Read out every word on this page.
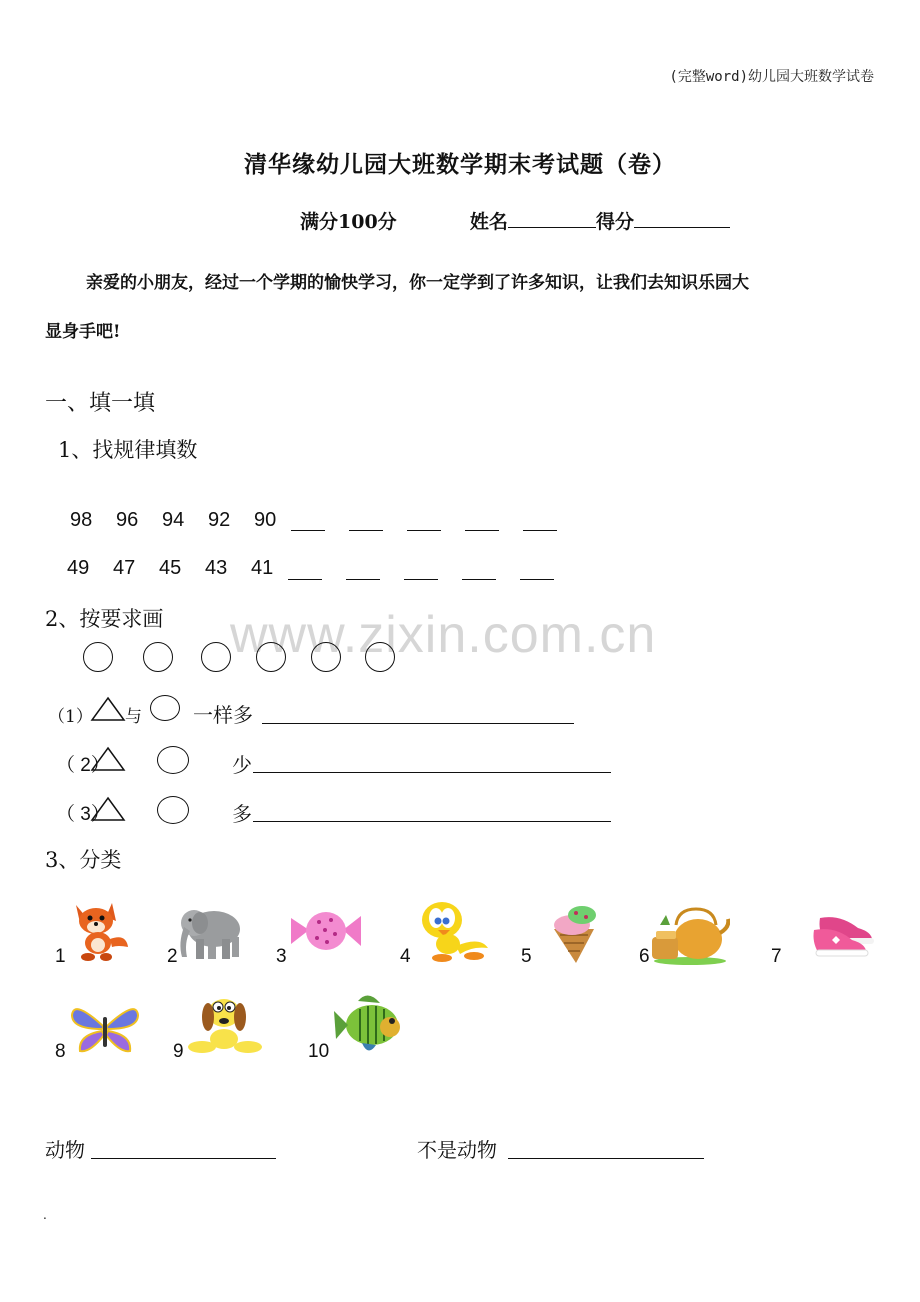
(完整word)幼儿园大班数学试卷
清华缘幼儿园大班数学期末考试题（卷）
满分100分	姓名	得分
亲爱的小朋友，经过一个学期的愉快学习，你一定学到了许多知识，让我们去知识乐园大
显身手吧!
一、填一填
1、找规律填数
98 96 94 92 90
49 47 45 43 41
2、按要求画 www.zixin.com.cn
（1） 与	一样多
（ 2）	少
（ 3）	多
3、分类
1	2	3	4	5	6	7
8	9	10
动物	不是动物
.
